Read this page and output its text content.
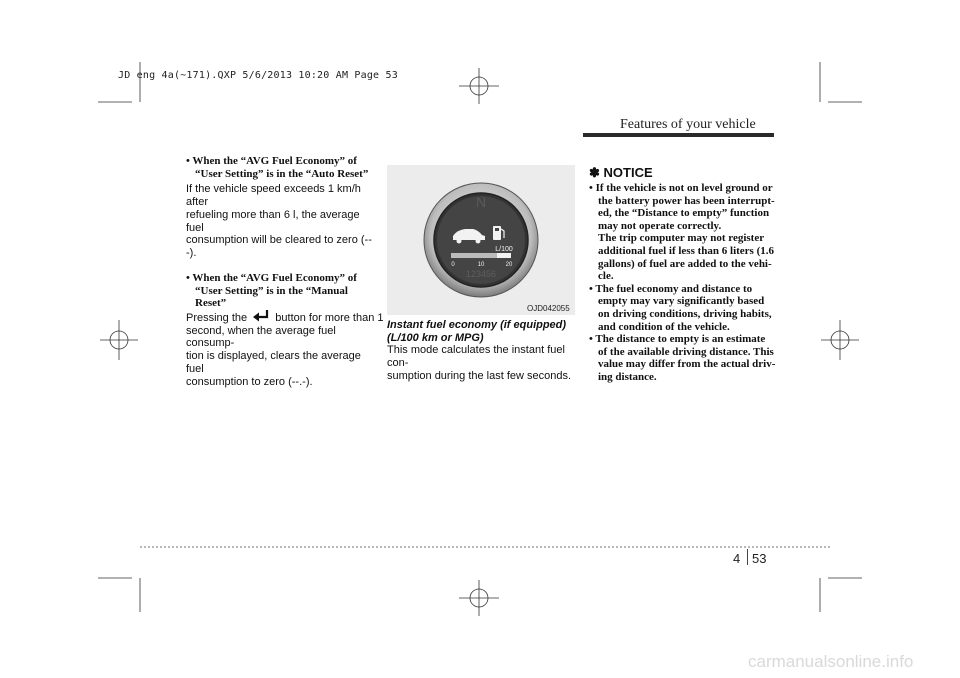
JD eng 4a(~171).QXP 5/6/2013 10:20 AM Page 53
Features of your vehicle

• When the “AVG Fuel Economy” of

“User Setting” is in the “Auto Reset”

If the vehicle speed exceeds 1 km/h after

refueling more than 6 l, the average fuel

consumption will be cleared to zero (---).

• When the “AVG Fuel Economy” of

“User Setting” is in the “Manual Reset”

Pressing the	button for more than 1

second, when the average fuel consump-

tion is displayed, clears the average fuel

consumption to zero (--.-).

N
L/100
0	10	20
123456
OJD042055

Instant fuel economy (if equipped)

(L/100 km or MPG)

This mode calculates the instant fuel con-

sumption during the last few seconds.

✽ NOTICE

• If the vehicle is not on level ground or

the battery power has been interrupt-

ed, the “Distance to empty” function

may not operate correctly.

The trip computer may not register

additional fuel if less than 6 liters (1.6

gallons) of fuel are added to the vehi-

cle.

• The fuel economy and distance to

empty may vary significantly based

on driving conditions, driving habits,

and condition of the vehicle.

• The distance to empty is an estimate

of the available driving distance. This

value may differ from the actual driv-

ing distance.

4 53
carmanualsonline.info
